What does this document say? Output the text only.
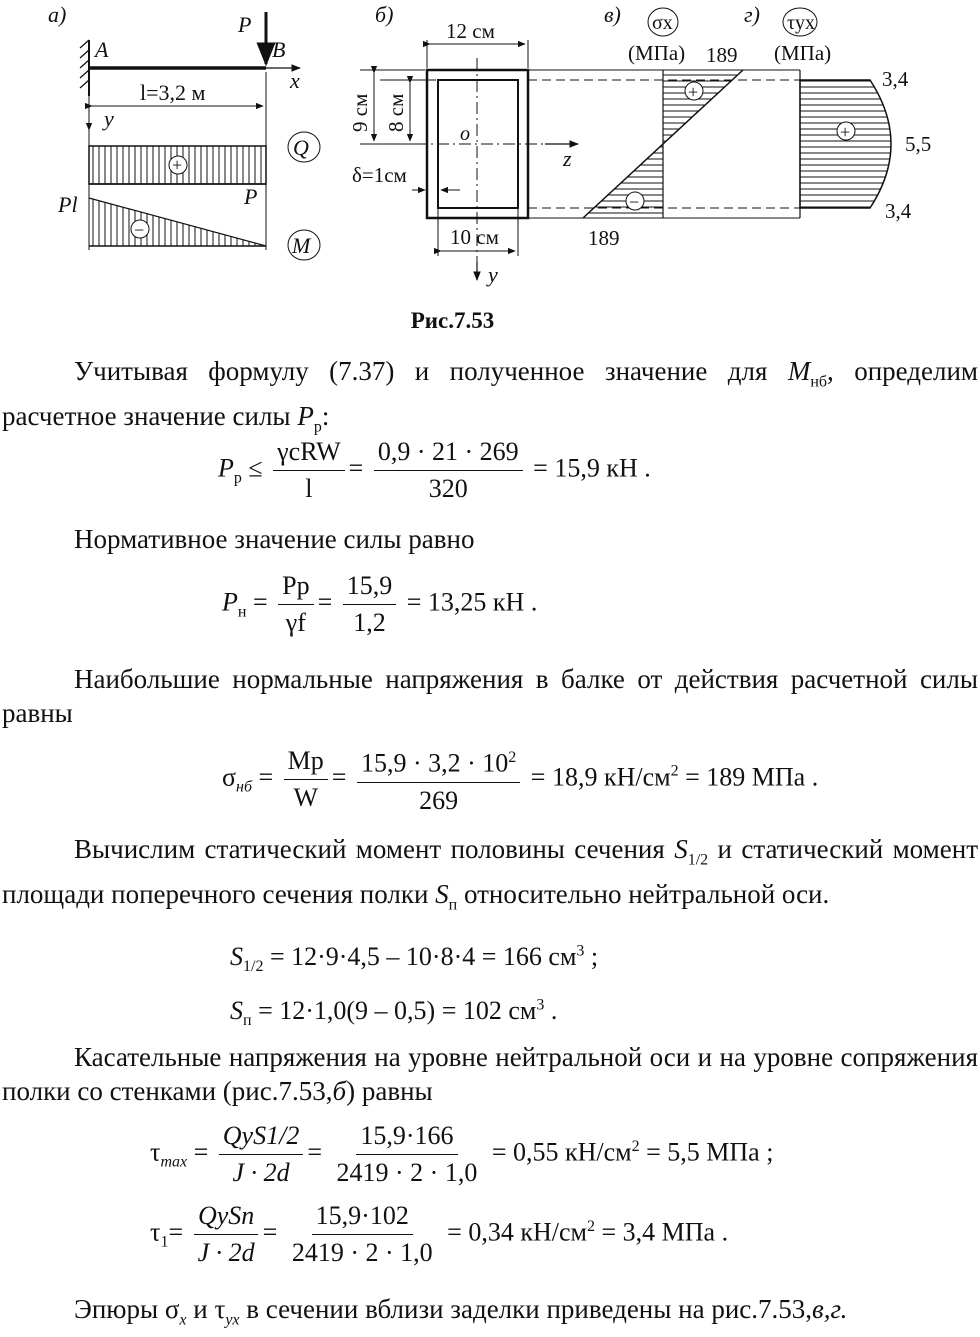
а)
A	B
x
P
l=3,2 м
y
+
Q
−
Pl	P
M
б)
y
z
o
12 см
10 см
9 см 8 см
δ=1см
в) σx
(МПа)
+
−
189
189
г) τyx
(МПа)
+
3,4
5,5
3,4
Рис.7.53
Учитывая формулу (7.37) и полученное значение для $M_{нб}$, определим расчетное значение силы $P_р$:
$P_р \le \frac{\text{γcRW}}{l} = \frac{0,9 \cdot 21 \cdot 269}{320} = 15,9$ кН .
Нормативное значение силы равно
$P_н = \frac{Pр}{\gamma f} = \frac{15,9}{1,2} = 13,25$ кН .
Наибольшие нормальные напряжения в балке от действия расчетной силы равны
$\sigma_{нб} = \frac{Mр}{W} = \frac{15,9 \cdot 3,2 \cdot 10^2}{269} = 18,9$ $кН/см^2 = 189$ МПа .
Вычислим статический момент половины сечения $S_{1/2}$ и статический момент площади поперечного сечения полки $S_п$ относительно нейтральной оси.
$S_{1/2} = 12\cdot 9\cdot 4,5 - 10\cdot 8\cdot 4 = 166$ $см^3$ ;
$S_п = 12\cdot 1,0(9 - 0,5) = 102$ $см^3$ .
Касательные напряжения на уровне нейтральной оси и на уровне сопряжения полки со стенками (рис.7.53,б) равны
$\tau_{max} = \frac{\text{QyS1/2}}{J \cdot 2d} = \frac{15,9\cdot 166}{2419 \cdot 2 \cdot 1,0} = 0,55$ $кН/см^2 = 5,5$ МПа ;
$\tau_1= \frac{\text{QySп}}{J \cdot 2d} = \frac{15,9\cdot 102}{2419 \cdot 2 \cdot 1,0} = 0,34$ $кН/см^2 = 3,4$ МПа .
Эпюры $\sigma_x$ и $\tau_{yx}$ в сечении вблизи заделки приведены на рис.7.53,в,г.
